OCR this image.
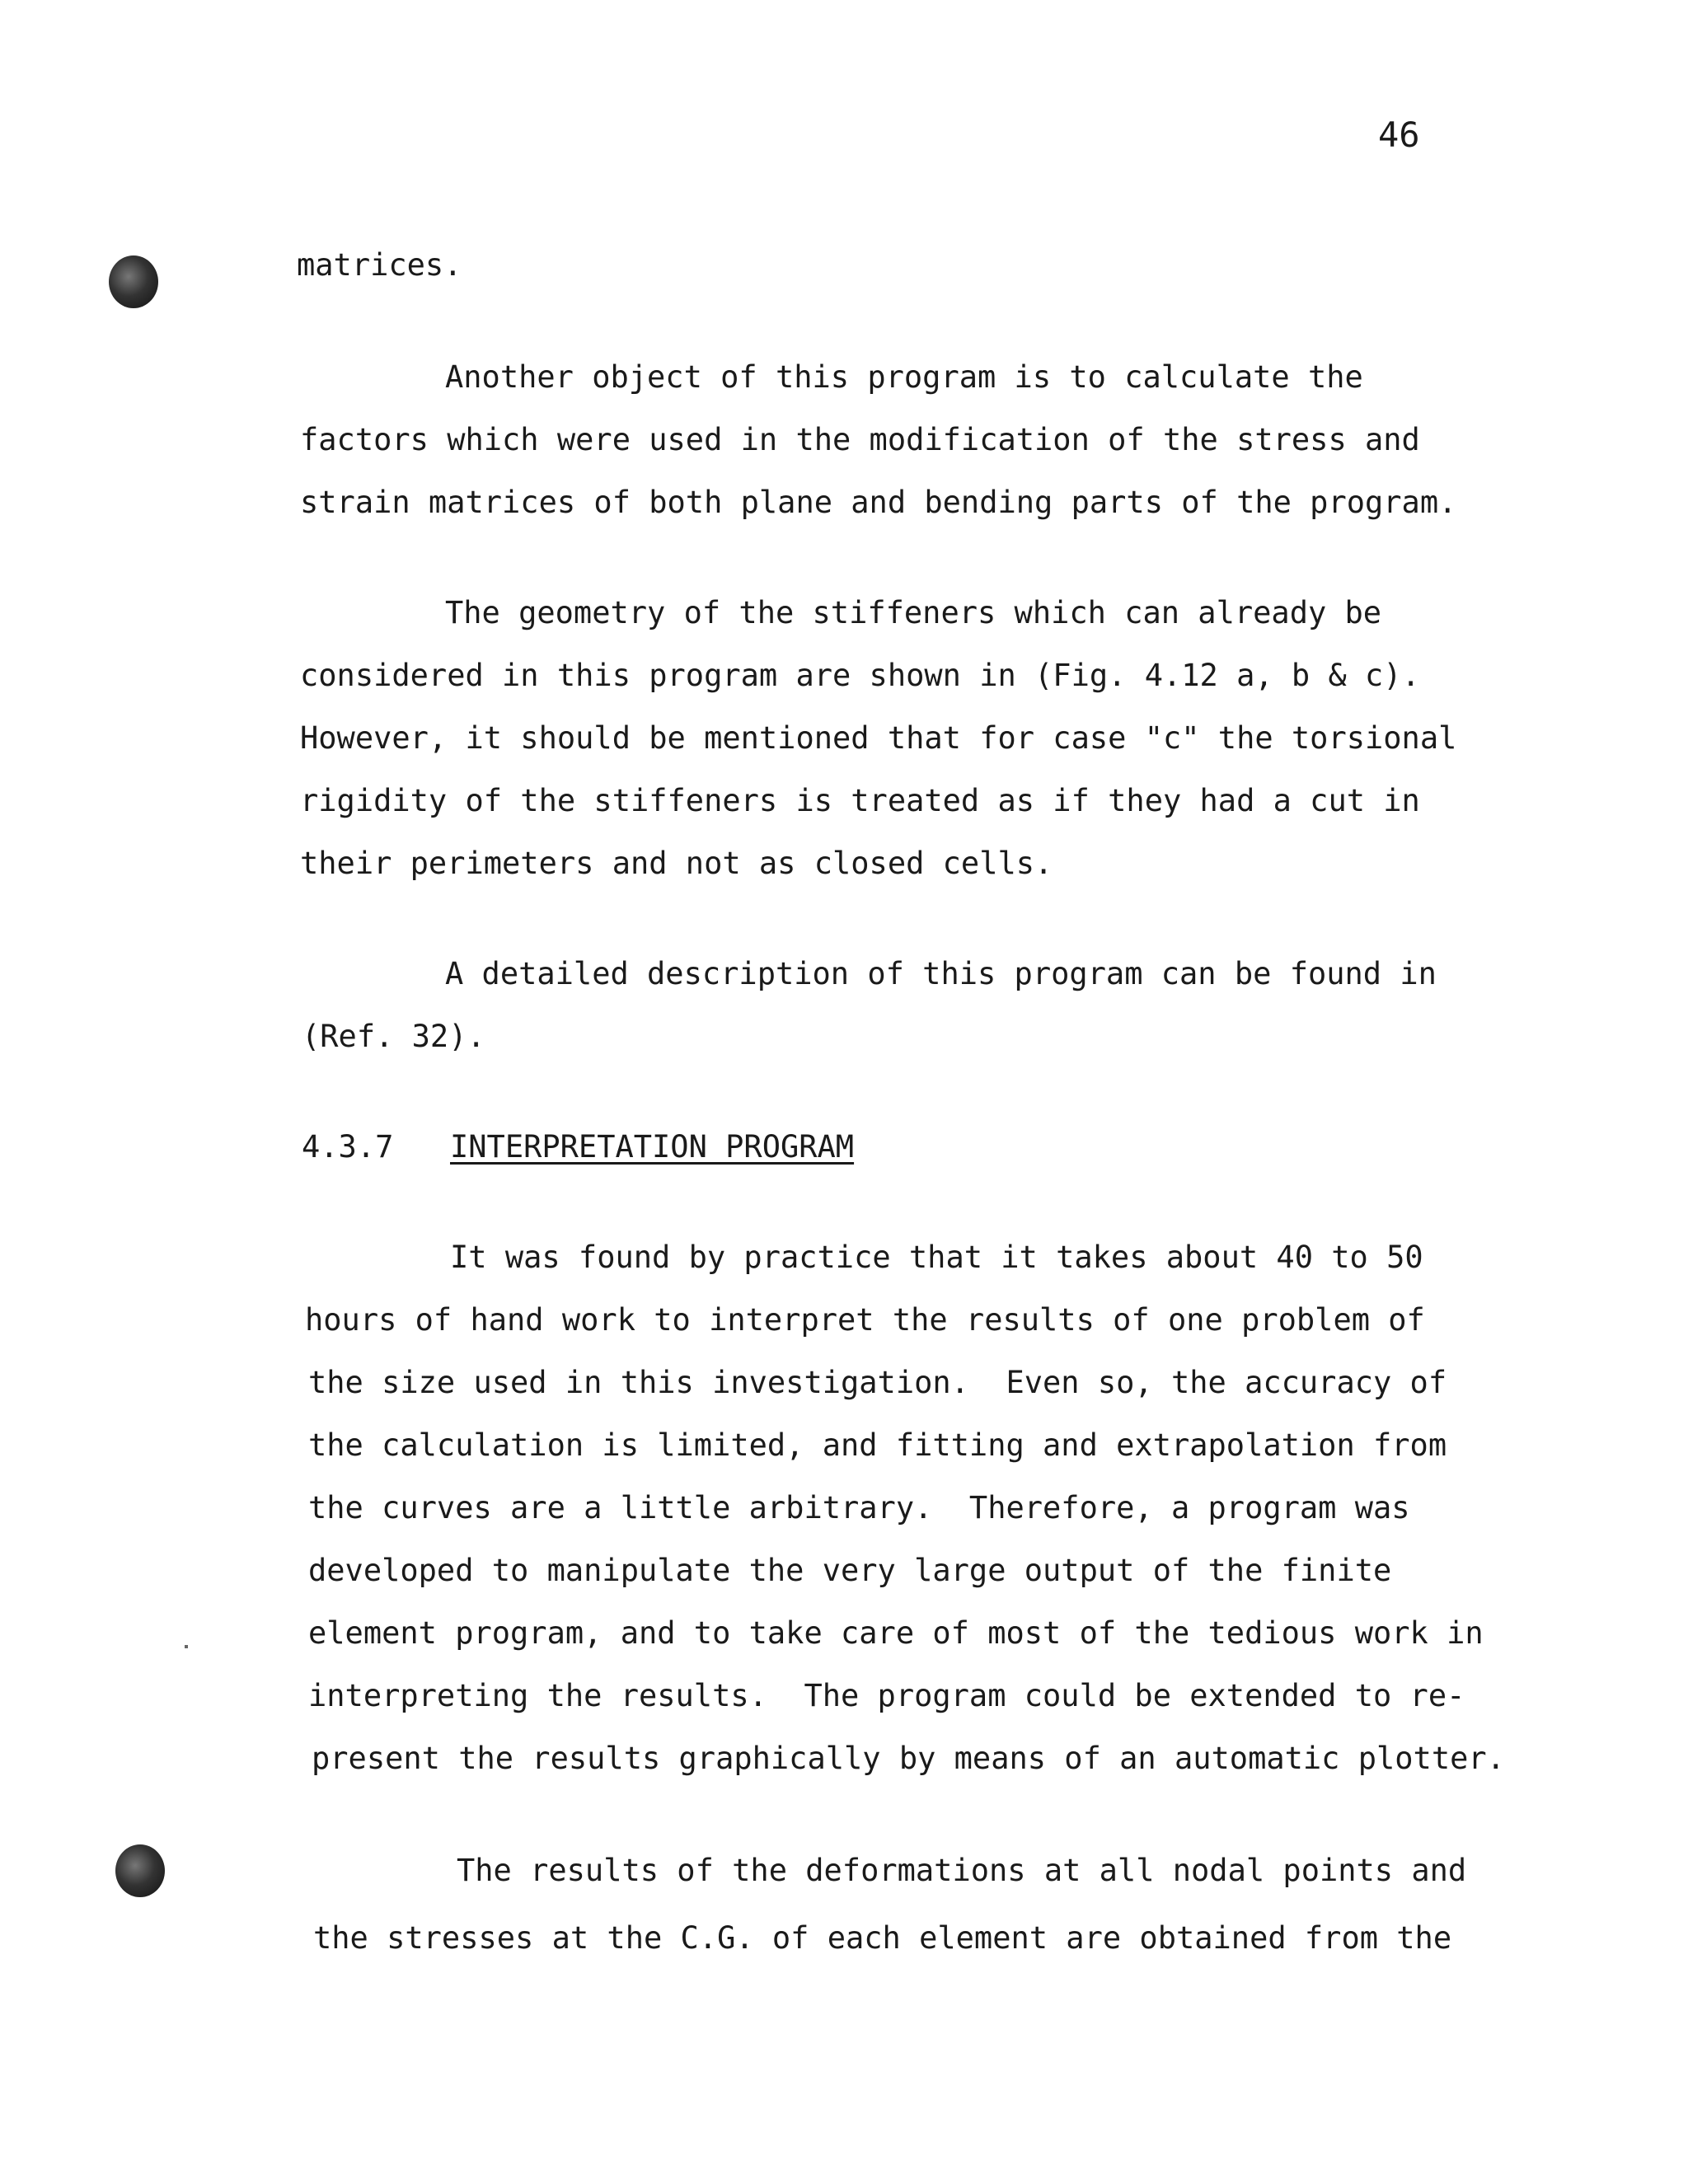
46
matrices.
Another object of this program is to calculate the
factors which were used in the modification of the stress and
strain matrices of both plane and bending parts of the program.
The geometry of the stiffeners which can already be
considered in this program are shown in (Fig. 4.12 a, b & c).
However, it should be mentioned that for case "c" the torsional
rigidity of the stiffeners is treated as if they had a cut in
their perimeters and not as closed cells.
A detailed description of this program can be found in
(Ref. 32).
4.3.7 INTERPRETATION PROGRAM
It was found by practice that it takes about 40 to 50
hours of hand work to interpret the results of one problem of
the size used in this investigation.  Even so, the accuracy of
the calculation is limited, and fitting and extrapolation from
the curves are a little arbitrary.  Therefore, a program was
developed to manipulate the very large output of the finite
element program, and to take care of most of the tedious work in
interpreting the results.  The program could be extended to re-
present the results graphically by means of an automatic plotter.
The results of the deformations at all nodal points and
the stresses at the C.G. of each element are obtained from the
